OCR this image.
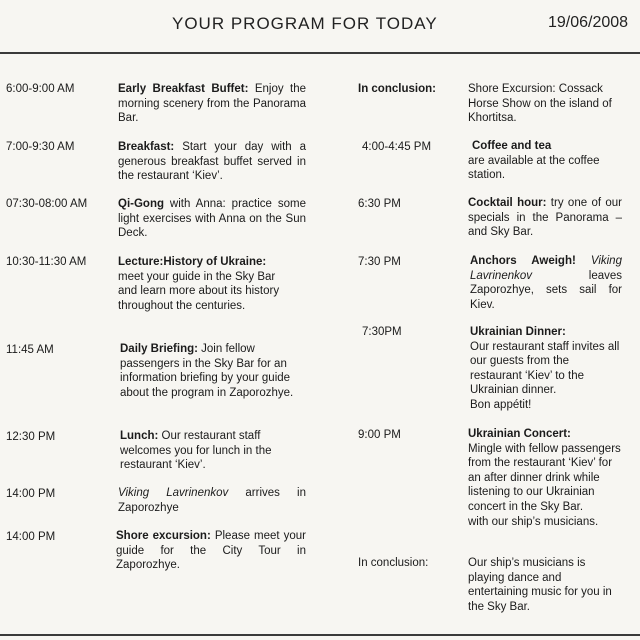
YOUR PROGRAM FOR TODAY	19/06/2008
6:00-9:00 AM	Early Breakfast Buffet: Enjoy the morning scenery from the Panorama Bar.
7:00-9:30 AM	Breakfast: Start your day with a generous breakfast buffet served in the restaurant ‘Kiev’.
07:30-08:00 AM	Qi-Gong with Anna: practice some light exercises with Anna on the Sun Deck.
10:30-11:30 AM	Lecture:History of Ukraine: meet your guide in the Sky Bar and learn more about its history throughout the centuries.
11:45 AM	Daily Briefing: Join fellow passengers in the Sky Bar for an information briefing by your guide about the program in Zaporozhye.
12:30 PM	Lunch: Our restaurant staff welcomes you for lunch in the restaurant ‘Kiev’.
14:00 PM	Viking Lavrinenkov arrives in Zaporozhye
14:00 PM	Shore excursion: Please meet your guide for the City Tour in Zaporozhye.
In conclusion:	Shore Excursion: Cossack Horse Show on the island of Khortitsa.
4:00-4:45 PM	Coffee and tea
are available at the coffee station.
6:30 PM	Cocktail hour: try one of our specials in the Panorama – and Sky Bar.
7:30 PM	Anchors Aweigh! Viking Lavrinenkov leaves Zaporozhye, sets sail for Kiev.
7:30PM	Ukrainian Dinner:
Our restaurant staff invites all our guests from the restaurant ‘Kiev’ to the Ukrainian dinner.
Bon appétit!
9:00 PM	Ukrainian Concert:
Mingle with fellow passengers from the restaurant ‘Kiev’ for an after dinner drink while listening to our Ukrainian concert in the Sky Bar.
with our ship’s musicians.
In conclusion:	Our ship’s musicians is playing dance and entertaining music for you in the Sky Bar.
